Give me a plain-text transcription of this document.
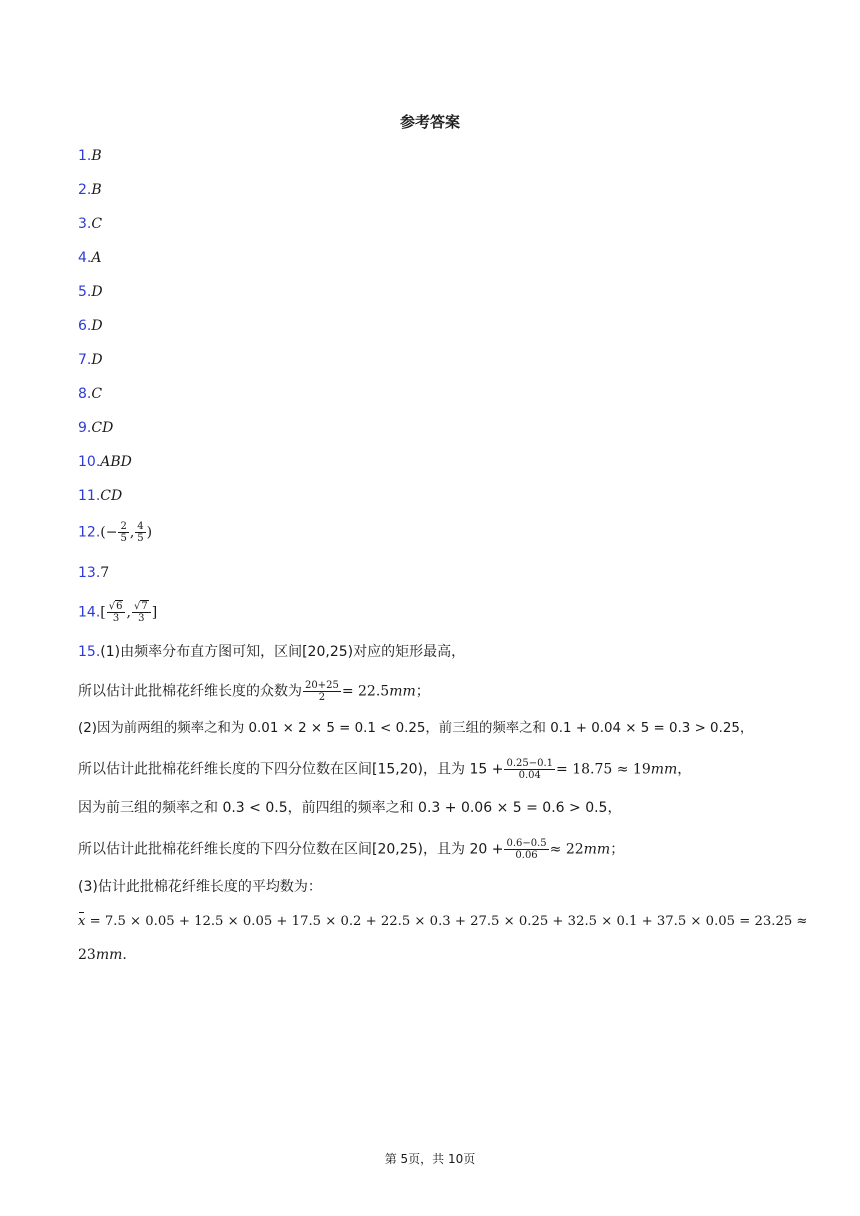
参考答案
1.B
2.B
3.C
4.A
5.D
6.D
7.D
8.C
9.CD
10.ABD
11.CD
$12.(- \frac{2}{5}$ , $\frac{4}{5}$ )
13.7
$14.[ \frac{√6}{3}$ , $\frac{√7}{3}$ ]
15.(1)由频率分布直方图可知，区间[20,25)对应的矩形最高，
所以估计此批棉花纤维长度的众数为 $\frac{20+25}{2} = 22.5mm$；
(2)因为前两组的频率之和为 0.01 × 2 × 5 = 0.1 < 0.25，前三组的频率之和 0.1 + 0.04 × 5 = 0.3 > 0.25，
所以估计此批棉花纤维长度的下四分位数在区间[15,20)，且为 $15 + \frac{0.25-0.1}{0.04} = 18.75 \approx 19mm$，
因为前三组的频率之和 0.3 < 0.5，前四组的频率之和 0.3 + 0.06 × 5 = 0.6 > 0.5，
所以估计此批棉花纤维长度的下四分位数在区间[20,25)，且为 $20 + \frac{0.6-0.5}{0.06} \approx 22mm$；
(3)估计此批棉花纤维长度的平均数为：
x = 7.5 × 0.05 + 12.5 × 0.05 + 17.5 × 0.2 + 22.5 × 0.3 + 27.5 × 0.25 + 32.5 × 0.1 + 37.5 × 0.05 = 23.25 ≈
23mm.
第 5页，共 10页
